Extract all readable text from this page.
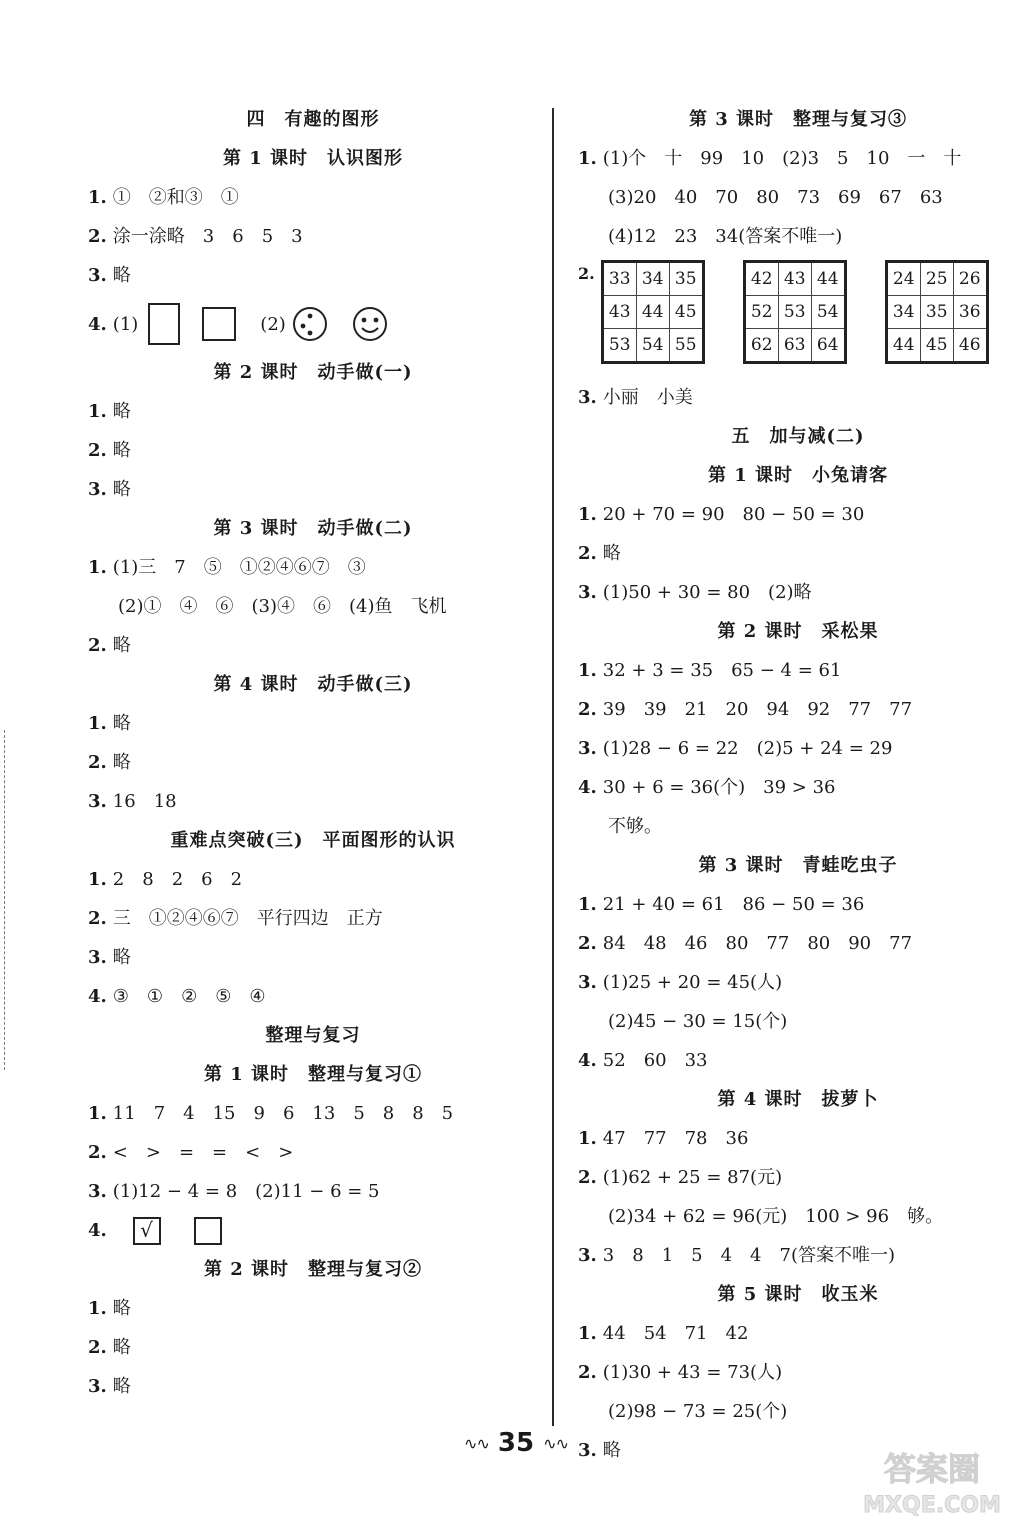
四　有趣的图形
第 1 课时　认识图形
1. ①　②和③　①
2. 涂一涂略　3　6　5　3
3. 略
4. (1)	(2)
第 2 课时　动手做(一)
1. 略
2. 略
3. 略
第 3 课时　动手做(二)
1. (1)三　7　⑤　①②④⑥⑦　③
(2)①　④　⑥　(3)④　⑥　(4)鱼　飞机
2. 略
第 4 课时　动手做(三)
1. 略
2. 略
3. 16　18
重难点突破(三)　平面图形的认识
1. 2　8　2　6　2
2. 三　①②④⑥⑦　平行四边　正方
3. 略
4. ③　①　②　⑤　④
整理与复习
第 1 课时　整理与复习①
1. 11　7　4　15　9　6　13　5　8　8　5
2. <　>　=　=　<　>
3. (1)12 − 4 = 8　(2)11 − 6 = 5
4. √
第 2 课时　整理与复习②
1. 略
2. 略
3. 略
第 3 课时　整理与复习③
1. (1)个　十　99　10　(2)3　5　10　一　十
(3)20　40　70　80　73　69　67　63
(4)12　23　34(答案不唯一)
2. 33	34	35
43	44	45
53	54	55
42	43	44
52	53	54
62	63	64
24	25	26
34	35	36
44	45	46
3. 小丽　小美
五　加与减(二)
第 1 课时　小兔请客
1. 20 + 70 = 90　80 − 50 = 30
2. 略
3. (1)50 + 30 = 80　(2)略
第 2 课时　采松果
1. 32 + 3 = 35　65 − 4 = 61
2. 39　39　21　20　94　92　77　77
3. (1)28 − 6 = 22　(2)5 + 24 = 29
4. 30 + 6 = 36(个)　39 > 36
不够。
第 3 课时　青蛙吃虫子
1. 21 + 40 = 61　86 − 50 = 36
2. 84　48　46　80　77　80　90　77
3. (1)25 + 20 = 45(人)
(2)45 − 30 = 15(个)
4. 52　60　33
第 4 课时　拔萝卜
1. 47　77　78　36
2. (1)62 + 25 = 87(元)
(2)34 + 62 = 96(元)　100 > 96　够。
3. 3　8　1　5　4　4　7(答案不唯一)
第 5 课时　收玉米
1. 44　54　71　42
2. (1)30 + 43 = 73(人)
(2)98 − 73 = 25(个)
3. 略
∿∿ 35 ∿∿
答案圈
MXQE.COM
